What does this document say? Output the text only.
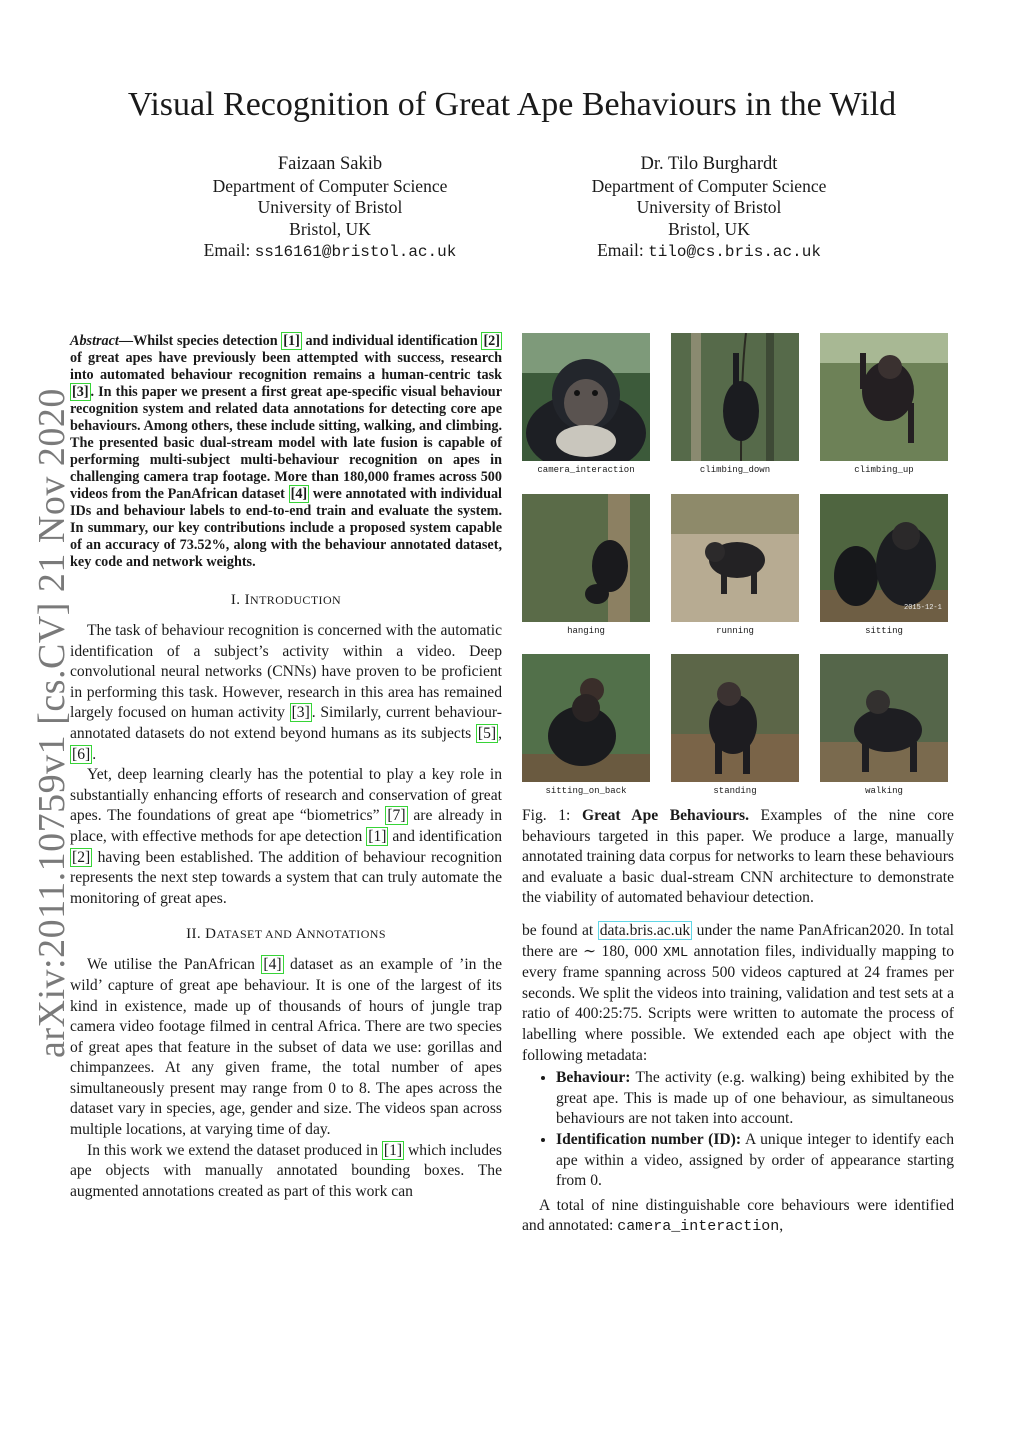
arXiv:2011.10759v1 [cs.CV] 21 Nov 2020
Visual Recognition of Great Ape Behaviours in the Wild
Faizaan Sakib
Department of Computer Science
University of Bristol
Bristol, UK
Email: ss16161@bristol.ac.uk
Dr. Tilo Burghardt
Department of Computer Science
University of Bristol
Bristol, UK
Email: tilo@cs.bris.ac.uk

Abstract—Whilst species detection [1] and individual identification [2] of great apes have previously been attempted with success, research into automated behaviour recognition remains a human-centric task [3] . In this paper we present a first great ape-specific visual behaviour recognition system and related data annotations for detecting core ape behaviours. Among others, these include sitting, walking, and climbing. The presented basic dual-stream model with late fusion is capable of performing multi-subject multi-behaviour recognition on apes in challenging camera trap footage. More than 180,000 frames across 500 videos from the PanAfrican dataset [4] were annotated with individual IDs and behaviour labels to end-to-end train and evaluate the system. In summary, our key contributions include a proposed system capable of an accuracy of 73.52%, along with the behaviour annotated dataset, key code and network weights.

I. INTRODUCTION

The task of behaviour recognition is concerned with the automatic identification of a subject’s activity within a video. Deep convolutional neural networks (CNNs) have proven to be proficient in performing this task. However, research in this area has remained largely focused on human activity [3] . Similarly, current behaviour-annotated datasets do not extend beyond humans as its subjects [5] , [6] .

Yet, deep learning clearly has the potential to play a key role in substantially enhancing efforts of research and conservation of great apes. The foundations of great ape “biometrics” [7] are already in place, with effective methods for ape detection [1] and identification [2] having been established. The addition of behaviour recognition represents the next step towards a system that can truly automate the monitoring of great apes.

II. DATASET AND ANNOTATIONS

We utilise the PanAfrican [4] dataset as an example of ’in the wild’ capture of great ape behaviour. It is one of the largest of its kind in existence, made up of thousands of hours of jungle trap camera video footage filmed in central Africa. There are two species of great apes that feature in the subset of data we use: gorillas and chimpanzees. At any given frame, the total number of apes simultaneously present may range from 0 to 8. The apes across the dataset vary in species, age, gender and size. The videos span across multiple locations, at varying time of day.

In this work we extend the dataset produced in [1] which includes ape objects with manually annotated bounding boxes. The augmented annotations created as part of this work can

camera_interaction	climbing_down	climbing_up
hanging	running	sitting
2015-12-1
sitting_on_back	standing	walking

Fig. 1: Great Ape Behaviours. Examples of the nine core behaviours targeted in this paper. We produce a large, manually annotated training data corpus for networks to learn these behaviours and evaluate a basic dual-stream CNN architecture to demonstrate the viability of automated behaviour detection.

be found at data.bris.ac.uk under the name PanAfrican2020. In total there are ∼ 180, 000 XML annotation files, individually mapping to every frame spanning across 500 videos captured at 24 frames per seconds. We split the videos into training, validation and test sets at a ratio of 400:25:75. Scripts were written to automate the process of labelling where possible. We extended each ape object with the following metadata:

• Behaviour: The activity (e.g. walking) being exhibited by the great ape. This is made up of one behaviour, as simultaneous behaviours are not taken into account.
• Identification number (ID): A unique integer to identify each ape within a video, assigned by order of appearance starting from 0.

A total of nine distinguishable core behaviours were identified and annotated: camera_interaction,
